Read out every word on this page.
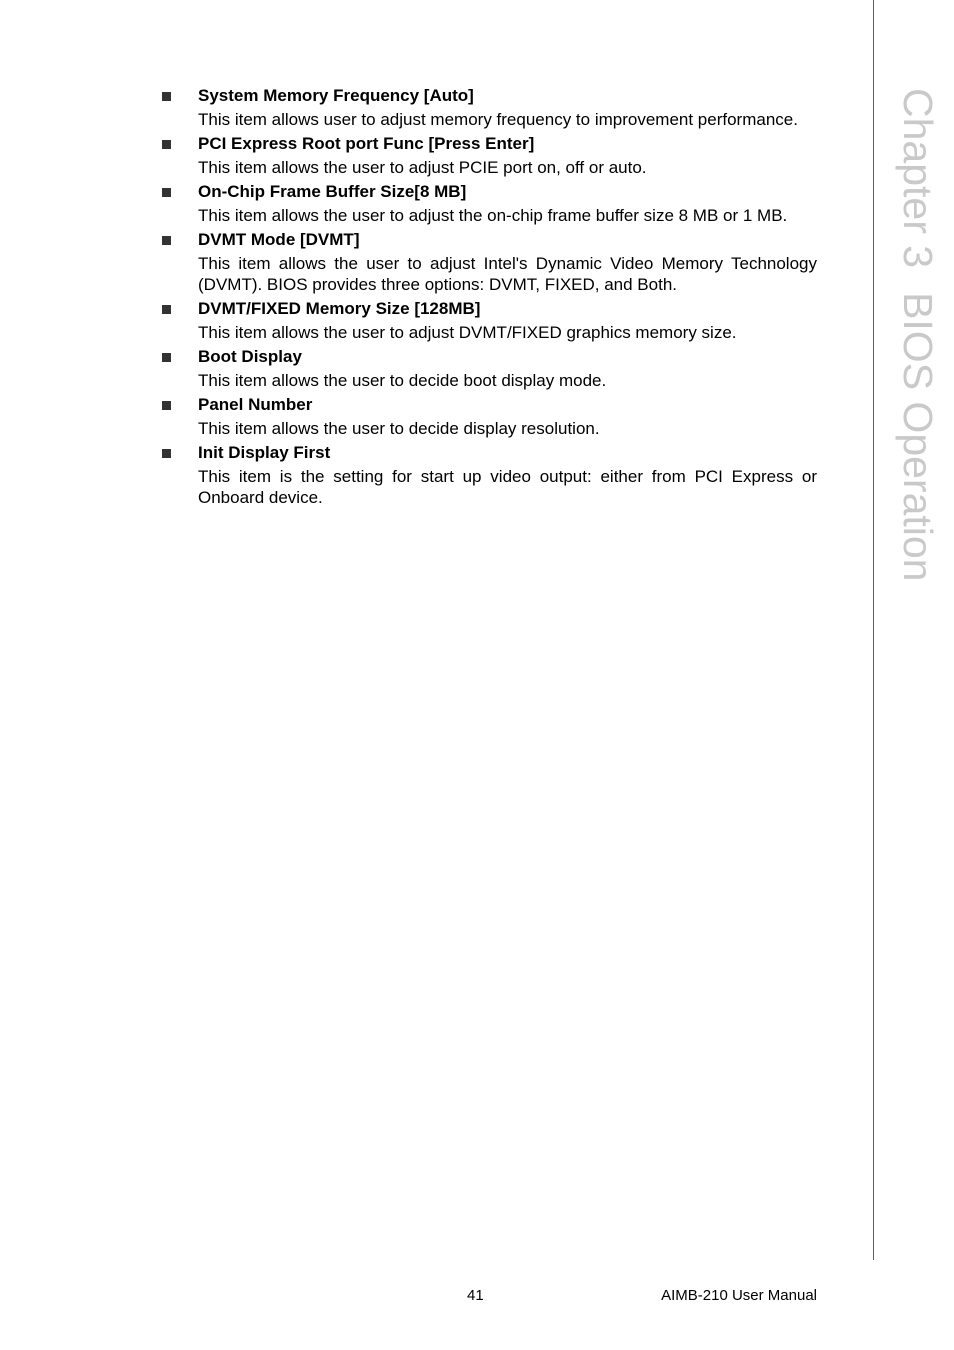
Chapter 3BIOS Operation
System Memory Frequency [Auto]
This item allows user to adjust memory frequency to improvement performance.
PCI Express Root port Func [Press Enter]
This item allows the user to adjust PCIE port on, off or auto.
On-Chip Frame Buffer Size[8 MB]
This item allows the user to adjust the on-chip frame buffer size 8 MB or 1 MB.
DVMT Mode [DVMT]
This item allows the user to adjust Intel's Dynamic Video Memory Technology (DVMT). BIOS provides three options: DVMT, FIXED, and Both.
DVMT/FIXED Memory Size [128MB]
This item allows the user to adjust DVMT/FIXED graphics memory size.
Boot Display
This item allows the user to decide boot display mode.
Panel Number
This item allows the user to decide display resolution.
Init Display First
This item is the setting for start up video output: either from PCI Express or Onboard device.
41	AIMB-210 User Manual
